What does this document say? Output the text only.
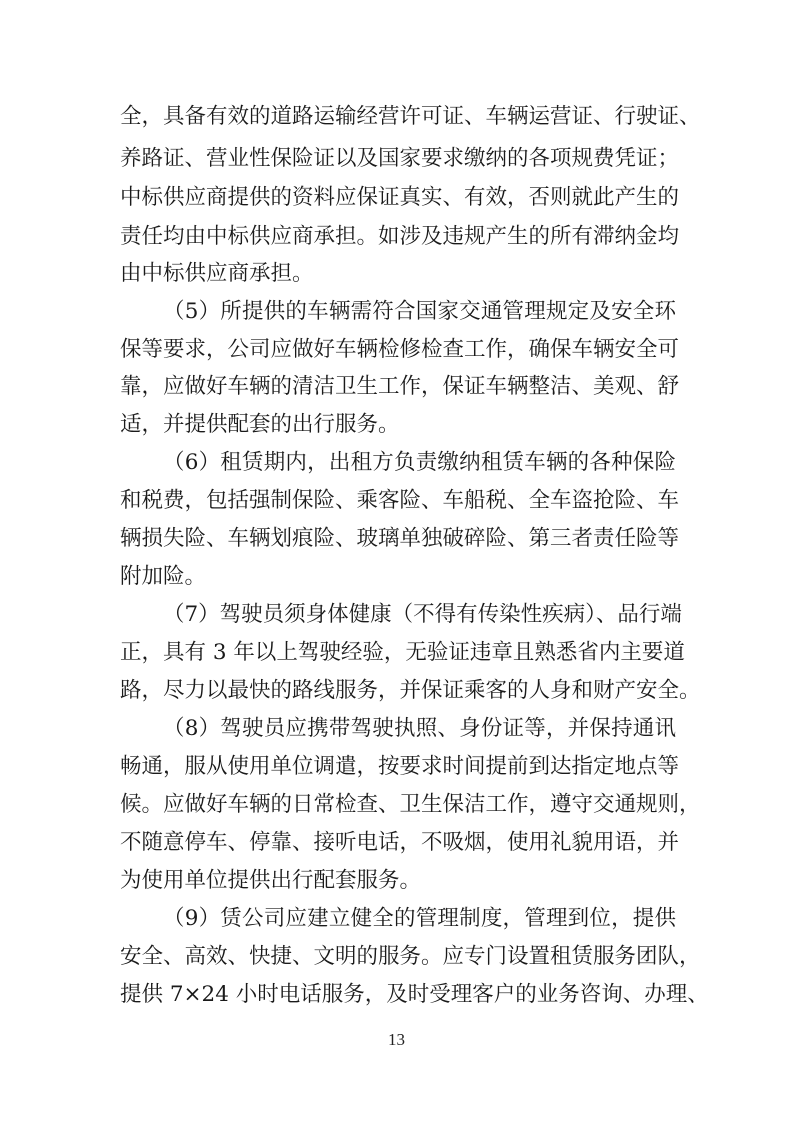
全，具备有效的道路运输经营许可证、车辆运营证、行驶证、
养路证、营业性保险证以及国家要求缴纳的各项规费凭证；
中标供应商提供的资料应保证真实、有效，否则就此产生的
责任均由中标供应商承担。如涉及违规产生的所有滞纳金均
由中标供应商承担。
（5）所提供的车辆需符合国家交通管理规定及安全环
保等要求，公司应做好车辆检修检查工作，确保车辆安全可
靠，应做好车辆的清洁卫生工作，保证车辆整洁、美观、舒
适，并提供配套的出行服务。
（6）租赁期内，出租方负责缴纳租赁车辆的各种保险
和税费，包括强制保险、乘客险、车船税、全车盗抢险、车
辆损失险、车辆划痕险、玻璃单独破碎险、第三者责任险等
附加险。
（7）驾驶员须身体健康（不得有传染性疾病）、品行端
正，具有 3 年以上驾驶经验，无验证违章且熟悉省内主要道
路，尽力以最快的路线服务，并保证乘客的人身和财产安全。
（8）驾驶员应携带驾驶执照、身份证等，并保持通讯
畅通，服从使用单位调遣，按要求时间提前到达指定地点等
候。应做好车辆的日常检查、卫生保洁工作，遵守交通规则，
不随意停车、停靠、接听电话，不吸烟，使用礼貌用语，并
为使用单位提供出行配套服务。
（9）赁公司应建立健全的管理制度，管理到位，提供
安全、高效、快捷、文明的服务。应专门设置租赁服务团队，
提供 7×24 小时电话服务，及时受理客户的业务咨询、办理、
13
